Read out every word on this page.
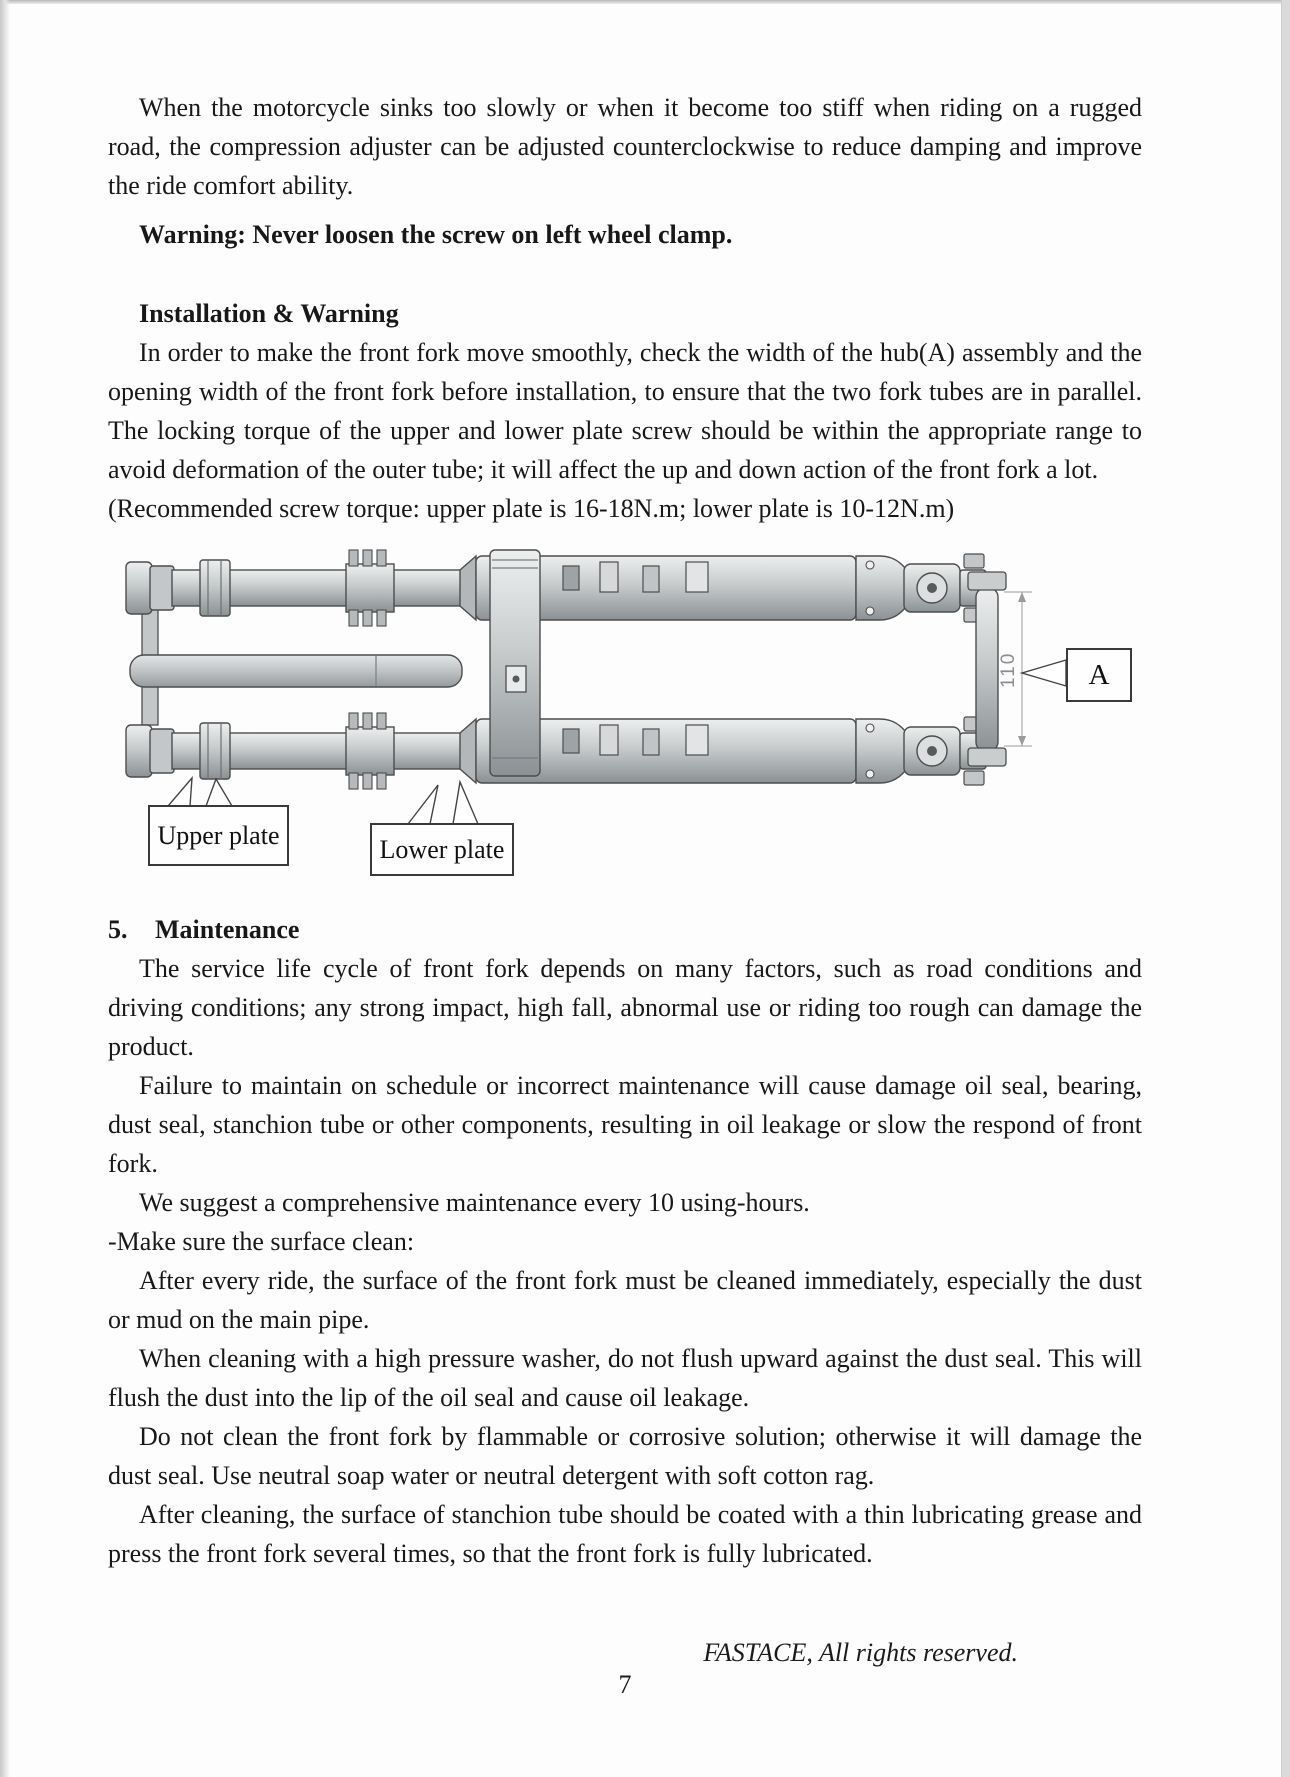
When the motorcycle sinks too slowly or when it become too stiff when riding on a rugged road, the compression adjuster can be adjusted counterclockwise to reduce damping and improve the ride comfort ability.

Warning: Never loosen the screw on left wheel clamp.

Installation & Warning

In order to make the front fork move smoothly, check the width of the hub(A) assembly and the opening width of the front fork before installation, to ensure that the two fork tubes are in parallel. The locking torque of the upper and lower plate screw should be within the appropriate range to avoid deformation of the outer tube; it will affect the up and down action of the front fork a lot.

(Recommended screw torque: upper plate is 16-18N.m; lower plate is 10-12N.m)

110
Upper plate	Lower plate
A
5. Maintenance

The service life cycle of front fork depends on many factors, such as road conditions and driving conditions; any strong impact, high fall, abnormal use or riding too rough can damage the product.

Failure to maintain on schedule or incorrect maintenance will cause damage oil seal, bearing, dust seal, stanchion tube or other components, resulting in oil leakage or slow the respond of front fork.

We suggest a comprehensive maintenance every 10 using-hours.

-Make sure the surface clean:

After every ride, the surface of the front fork must be cleaned immediately, especially the dust or mud on the main pipe.

When cleaning with a high pressure washer, do not flush upward against the dust seal. This will flush the dust into the lip of the oil seal and cause oil leakage.

Do not clean the front fork by flammable or corrosive solution; otherwise it will damage the dust seal. Use neutral soap water or neutral detergent with soft cotton rag.

After cleaning, the surface of stanchion tube should be coated with a thin lubricating grease and press the front fork several times, so that the front fork is fully lubricated.

FASTACE, All rights reserved.
7
